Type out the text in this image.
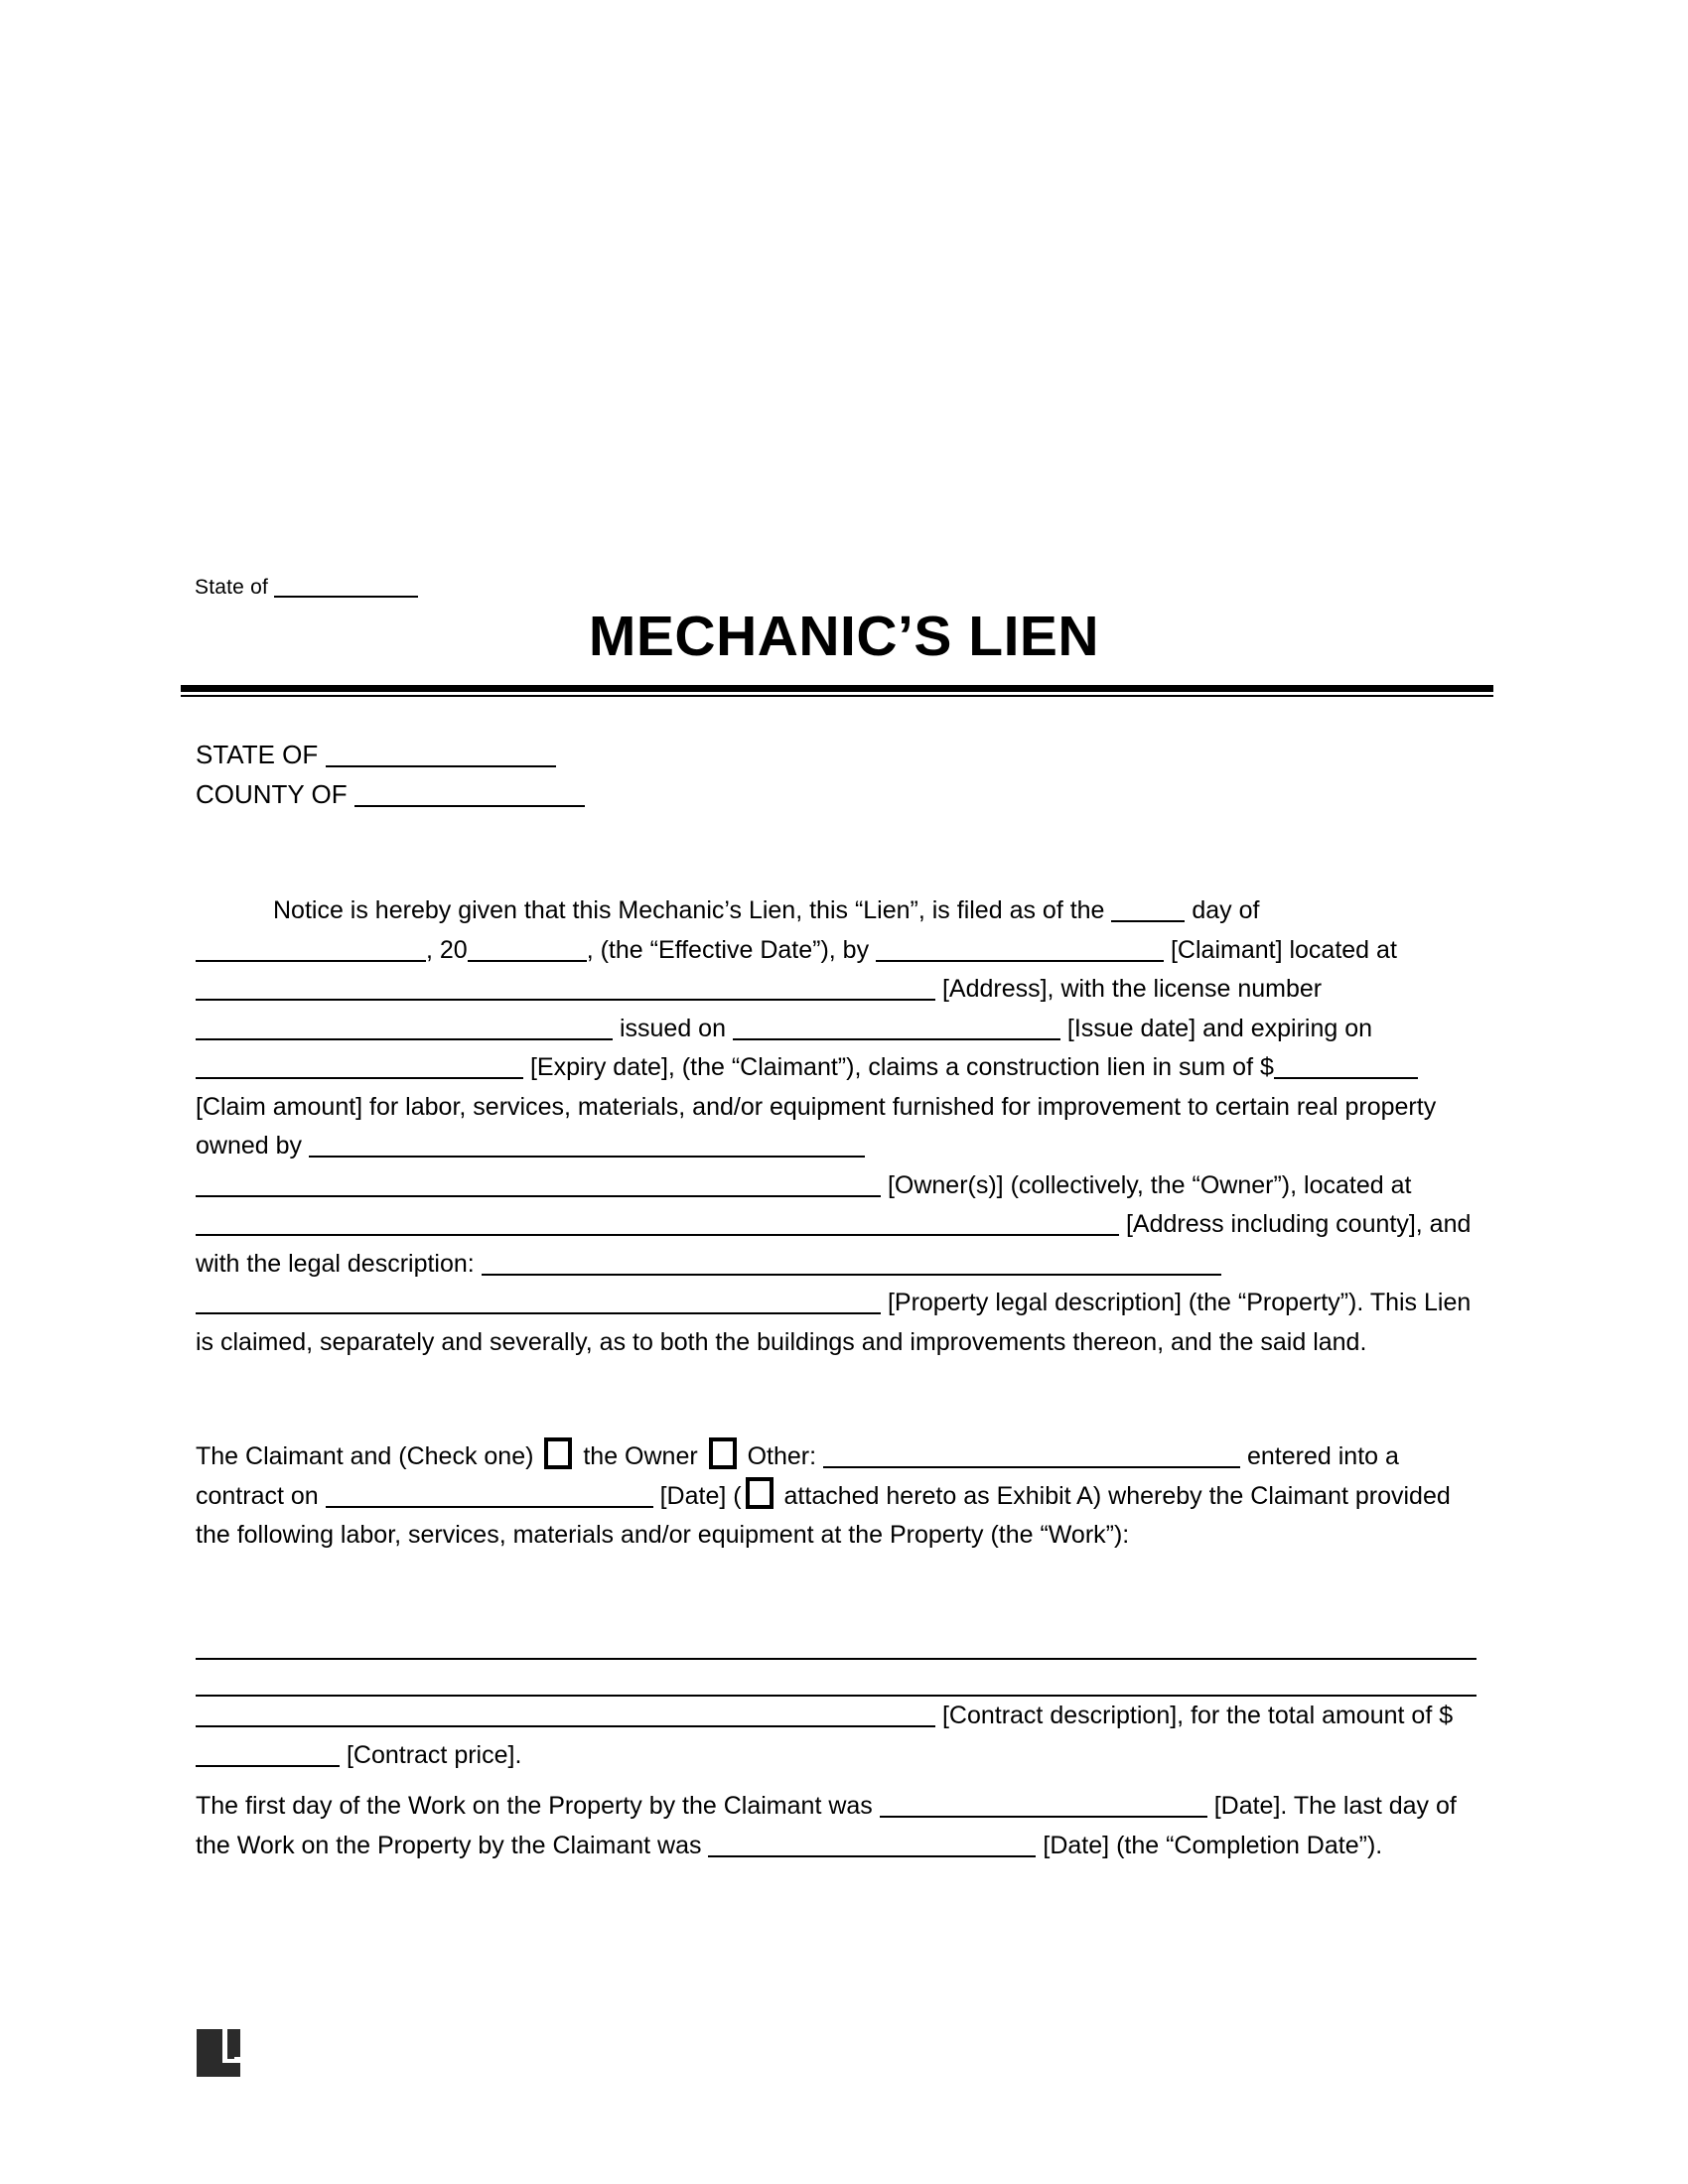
State of
MECHANIC’S LIEN
STATE OF
COUNTY OF
Notice is hereby given that this Mechanic’s Lien, this “Lien”, is filed as of the	day of , 20	, (the “Effective Date”), by	[Claimant] located at  [Address], with the license number  issued on	[Issue date] and expiring on  [Expiry date], (the “Claimant”), claims a construction lien in sum of $ [Claim amount] for labor, services, materials, and/or equipment furnished for improvement to certain real property owned by   [Owner(s)] (collectively, the “Owner”), located at  [Address including county], and with the legal description:   [Property legal description] (the “Property”). This Lien is claimed, separately and severally, as to both the buildings and improvements thereon, and the said land.
The Claimant and (Check one) the Owner Other:	entered into a contract on	[Date] ( attached hereto as Exhibit A) whereby the Claimant provided the following labor, services, materials and/or equipment at the Property (the “Work”):
[Contract description], for the total amount of $ [Contract price].
The first day of the Work on the Property by the Claimant was	[Date]. The last day of the Work on the Property by the Claimant was	[Date] (the “Completion Date”).
